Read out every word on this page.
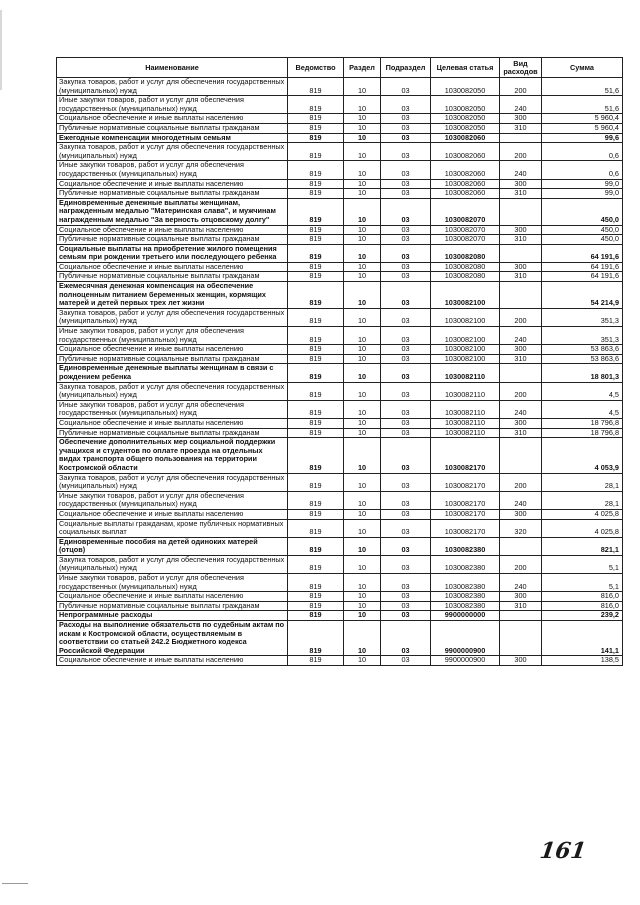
Наименование	Ведомство	Раздел	Подраздел	Целевая статья	Вид расходов	Сумма
Закупка товаров, работ и услуг для обеспечения государственных (муниципальных) нужд	819	10	03	1030082050	200	51,6
Иные закупки товаров, работ и услуг для обеспечения государственных (муниципальных) нужд	819	10	03	1030082050	240	51,6
Социальное обеспечение и иные выплаты населению	819	10	03	1030082050	300	5 960,4
Публичные нормативные социальные выплаты гражданам	819	10	03	1030082050	310	5 960,4
Ежегодные компенсации многодетным семьям	819	10	03	1030082060		99,6
Закупка товаров, работ и услуг для обеспечения государственных (муниципальных) нужд	819	10	03	1030082060	200	0,6
Иные закупки товаров, работ и услуг для обеспечения государственных (муниципальных) нужд	819	10	03	1030082060	240	0,6
Социальное обеспечение и иные выплаты населению	819	10	03	1030082060	300	99,0
Публичные нормативные социальные выплаты гражданам	819	10	03	1030082060	310	99,0
Единовременные денежные выплаты женщинам, награжденным медалью "Материнская слава", и мужчинам награжденным медалью "За верность отцовскому долгу"	819	10	03	1030082070		450,0
Социальное обеспечение и иные выплаты населению	819	10	03	1030082070	300	450,0
Публичные нормативные социальные выплаты гражданам	819	10	03	1030082070	310	450,0
Социальные выплаты на приобретение жилого помещения семьям при рождении третьего или последующего ребенка	819	10	03	1030082080		64 191,6
Социальное обеспечение и иные выплаты населению	819	10	03	1030082080	300	64 191,6
Публичные нормативные социальные выплаты гражданам	819	10	03	1030082080	310	64 191,6
Ежемесячная денежная компенсация на обеспечение полноценным питанием беременных женщин, кормящих матерей и детей первых трех лет жизни	819	10	03	1030082100		54 214,9
Закупка товаров, работ и услуг для обеспечения государственных (муниципальных) нужд	819	10	03	1030082100	200	351,3
Иные закупки товаров, работ и услуг для обеспечения государственных (муниципальных) нужд	819	10	03	1030082100	240	351,3
Социальное обеспечение и иные выплаты населению	819	10	03	1030082100	300	53 863,6
Публичные нормативные социальные выплаты гражданам	819	10	03	1030082100	310	53 863,6
Единовременные денежные выплаты женщинам в связи с рождением ребенка	819	10	03	1030082110		18 801,3
Закупка товаров, работ и услуг для обеспечения государственных (муниципальных) нужд	819	10	03	1030082110	200	4,5
Иные закупки товаров, работ и услуг для обеспечения государственных (муниципальных) нужд	819	10	03	1030082110	240	4,5
Социальное обеспечение и иные выплаты населению	819	10	03	1030082110	300	18 796,8
Публичные нормативные социальные выплаты гражданам	819	10	03	1030082110	310	18 796,8
Обеспечение дополнительных мер социальной поддержки учащихся и студентов по оплате проезда на отдельных видах транспорта общего пользования на территории Костромской области	819	10	03	1030082170		4 053,9
Закупка товаров, работ и услуг для обеспечения государственных (муниципальных) нужд	819	10	03	1030082170	200	28,1
Иные закупки товаров, работ и услуг для обеспечения государственных (муниципальных) нужд	819	10	03	1030082170	240	28,1
Социальное обеспечение и иные выплаты населению	819	10	03	1030082170	300	4 025,8
Социальные выплаты гражданам, кроме публичных нормативных социальных выплат	819	10	03	1030082170	320	4 025,8
Единовременные пособия на детей одиноких матерей (отцов)	819	10	03	1030082380		821,1
Закупка товаров, работ и услуг для обеспечения государственных (муниципальных) нужд	819	10	03	1030082380	200	5,1
Иные закупки товаров, работ и услуг для обеспечения государственных (муниципальных) нужд	819	10	03	1030082380	240	5,1
Социальное обеспечение и иные выплаты населению	819	10	03	1030082380	300	816,0
Публичные нормативные социальные выплаты гражданам	819	10	03	1030082380	310	816,0
Непрограммные расходы	819	10	03	9900000000		239,2
Расходы на выполнение обязательств по судебным актам по искам к Костромской области, осуществляемым в соответствии со статьей 242.2 Бюджетного кодекса Российской Федерации	819	10	03	9900000900		141,1
Социальное обеспечение и иные выплаты населению	819	10	03	9900000900	300	138,5
161
